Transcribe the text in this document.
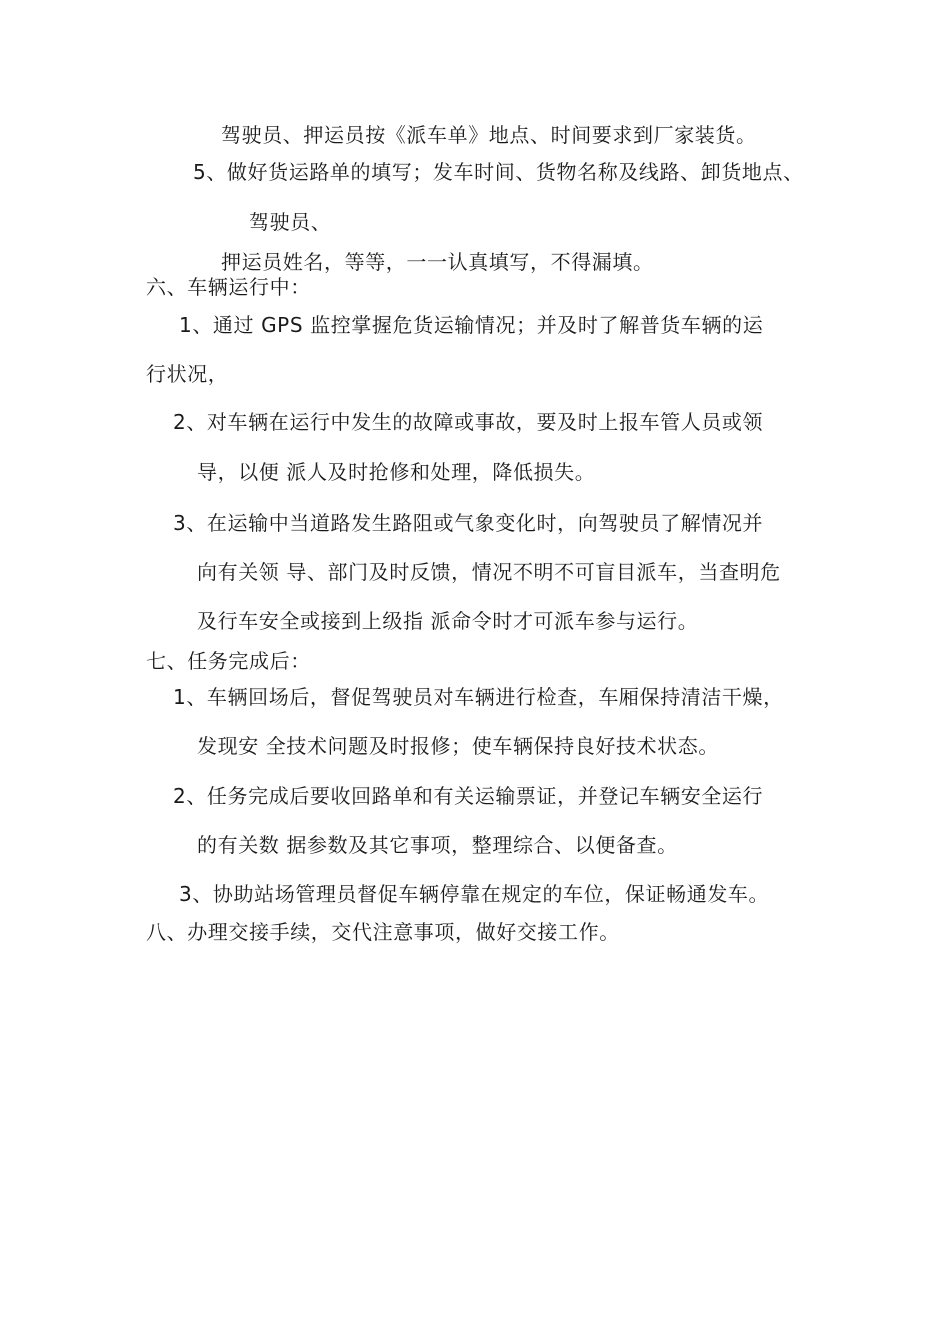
驾驶员、押运员按《派车单》地点、时间要求到厂家装货。
5、做好货运路单的填写；发车时间、货物名称及线路、卸货地点、
驾驶员、
押运员姓名，等等，一一认真填写，不得漏填。
六、车辆运行中：
1、通过 GPS 监控掌握危货运输情况；并及时了解普货车辆的运
行状况，
2、对车辆在运行中发生的故障或事故，要及时上报车管人员或领
导，以便 派人及时抢修和处理，降低损失。
3、在运输中当道路发生路阻或气象变化时，向驾驶员了解情况并
向有关领 导、部门及时反馈，情况不明不可盲目派车，当查明危
及行车安全或接到上级指 派命令时才可派车参与运行。
七、任务完成后：
1、车辆回场后，督促驾驶员对车辆进行检查，车厢保持清洁干燥，
发现安 全技术问题及时报修；使车辆保持良好技术状态。
2、任务完成后要收回路单和有关运输票证，并登记车辆安全运行
的有关数 据参数及其它事项，整理综合、以便备查。
3、协助站场管理员督促车辆停靠在规定的车位，保证畅通发车。
八、办理交接手续，交代注意事项，做好交接工作。
